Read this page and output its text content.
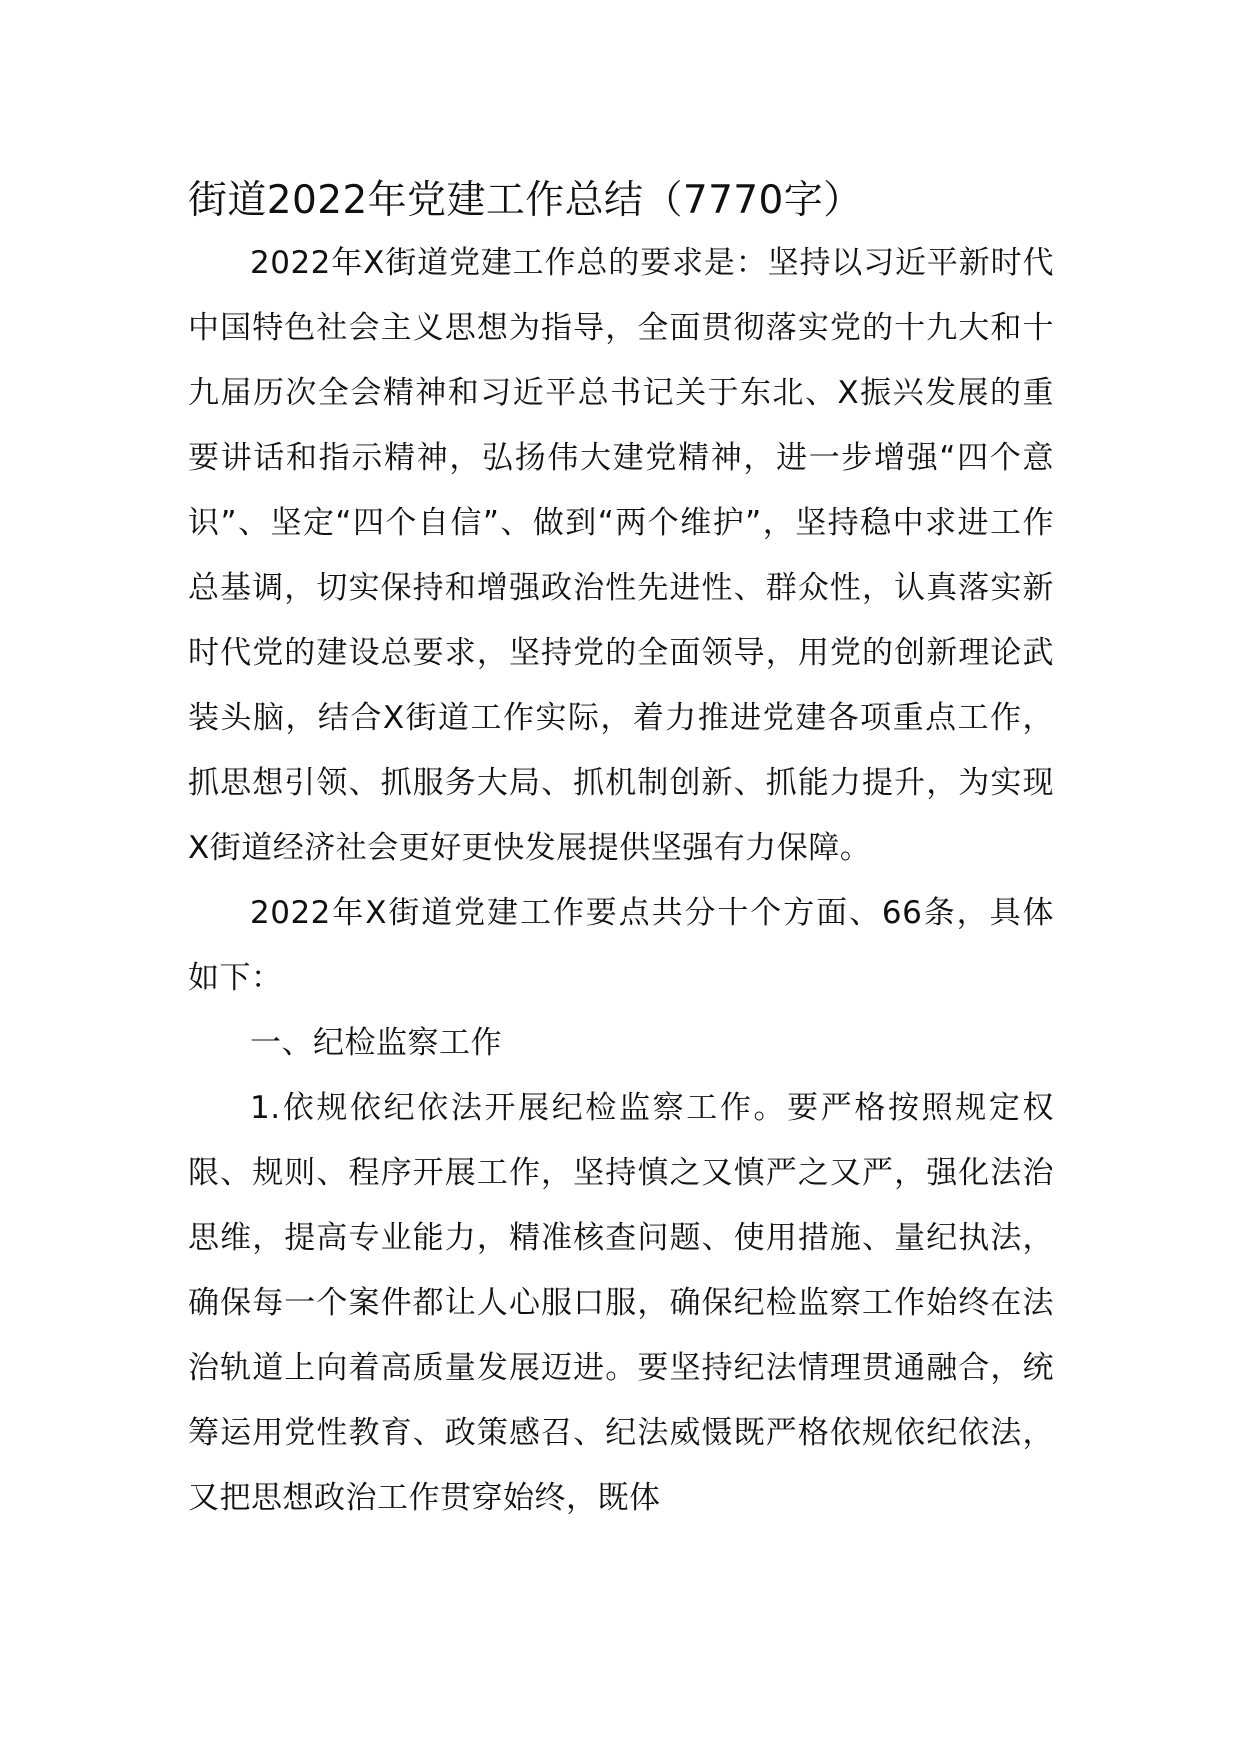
街道2022年党建工作总结（7770字）

2022年X街道党建工作总的要求是：坚持以习近平新时代中国特色社会主义思想为指导，全面贯彻落实党的十九大和十九届历次全会精神和习近平总书记关于东北、X振兴发展的重要讲话和指示精神，弘扬伟大建党精神，进一步增强“四个意识”、坚定“四个自信”、做到“两个维护”，坚持稳中求进工作总基调，切实保持和增强政治性先进性、群众性，认真落实新时代党的建设总要求，坚持党的全面领导，用党的创新理论武装头脑，结合X街道工作实际，着力推进党建各项重点工作，抓思想引领、抓服务大局、抓机制创新、抓能力提升，为实现X街道经济社会更好更快发展提供坚强有力保障。

2022年X街道党建工作要点共分十个方面、66条，具体如下：

一、纪检监察工作

1.依规依纪依法开展纪检监察工作。要严格按照规定权限、规则、程序开展工作，坚持慎之又慎严之又严，强化法治思维，提高专业能力，精准核查问题、使用措施、量纪执法，确保每一个案件都让人心服口服，确保纪检监察工作始终在法治轨道上向着高质量发展迈进。要坚持纪法情理贯通融合，统筹运用党性教育、政策感召、纪法威慑既严格依规依纪依法，又把思想政治工作贯穿始终，既体
